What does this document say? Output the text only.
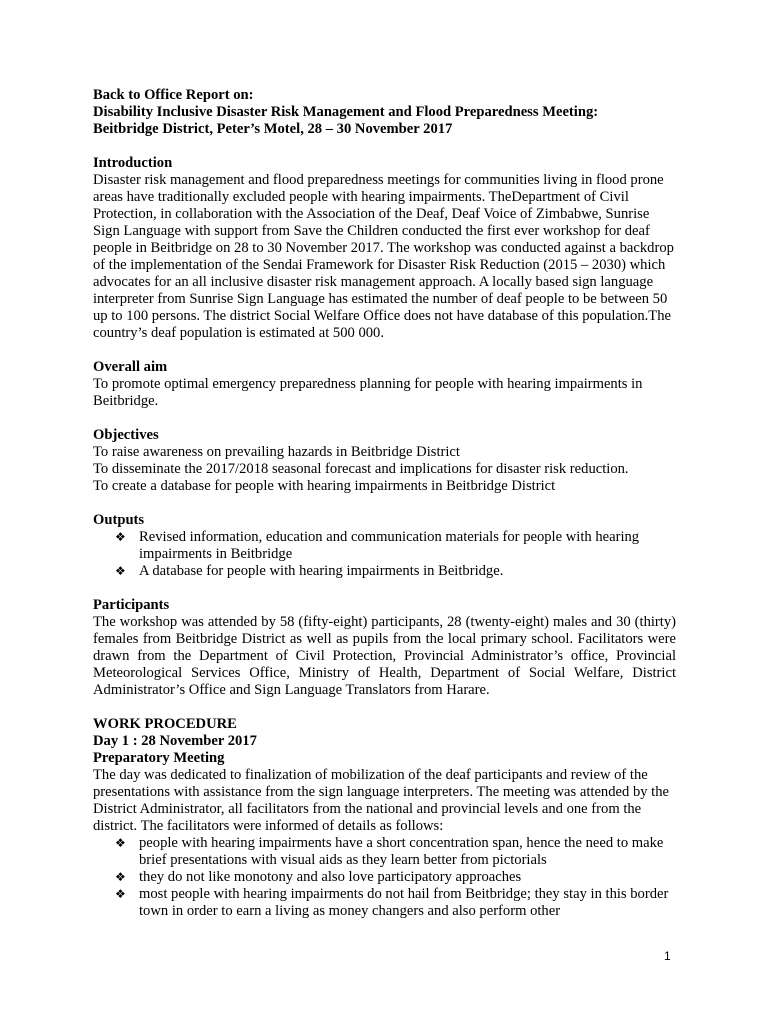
Back to Office Report on:

Disability Inclusive Disaster Risk Management and Flood Preparedness Meeting:

Beitbridge District, Peter’s Motel, 28 – 30 November 2017

Introduction

Disaster risk management and flood preparedness meetings for communities living in flood prone areas have traditionally excluded people with hearing impairments. TheDepartment of Civil Protection, in collaboration with the Association of the Deaf, Deaf Voice of Zimbabwe, Sunrise Sign Language with support from Save the Children conducted the first ever workshop for deaf people in Beitbridge on 28 to 30 November 2017. The workshop was conducted against a backdrop of the implementation of the Sendai Framework for Disaster Risk Reduction (2015 – 2030) which advocates for an all inclusive disaster risk management approach. A locally based sign language interpreter from Sunrise Sign Language has estimated the number of deaf people to be between 50 up to 100 persons. The district Social Welfare Office does not have database of this population.The country’s deaf population is estimated at 500 000.

Overall aim

To promote optimal emergency preparedness planning for people with hearing impairments in Beitbridge.

Objectives

To raise awareness on prevailing hazards in Beitbridge District

To disseminate the 2017/2018 seasonal forecast and implications for disaster risk reduction.

To create a database for people with hearing impairments in Beitbridge District

Outputs

❖ Revised information, education and communication materials for people with hearing impairments in Beitbridge
❖ A database for people with hearing impairments in Beitbridge.

Participants

The workshop was attended by 58 (fifty-eight) participants, 28 (twenty-eight) males and 30 (thirty) females from Beitbridge District as well as pupils from the local primary school. Facilitators were drawn from the Department of Civil Protection, Provincial Administrator’s office, Provincial Meteorological Services Office, Ministry of Health, Department of Social Welfare, District Administrator’s Office and Sign Language Translators from Harare.

WORK PROCEDURE

Day 1 : 28 November 2017

Preparatory Meeting

The day was dedicated to finalization of mobilization of the deaf participants and review of the presentations with assistance from the sign language interpreters. The meeting was attended by the District Administrator, all facilitators from the national and provincial levels and one from the district. The facilitators were informed of details as follows:

❖ people with hearing impairments have a short concentration span, hence the need to make brief presentations with visual aids as they learn better from pictorials
❖ they do not like monotony and also love participatory approaches
❖ most people with hearing impairments do not hail from Beitbridge; they stay in this border town in order to earn a living as money changers and also perform other
1
